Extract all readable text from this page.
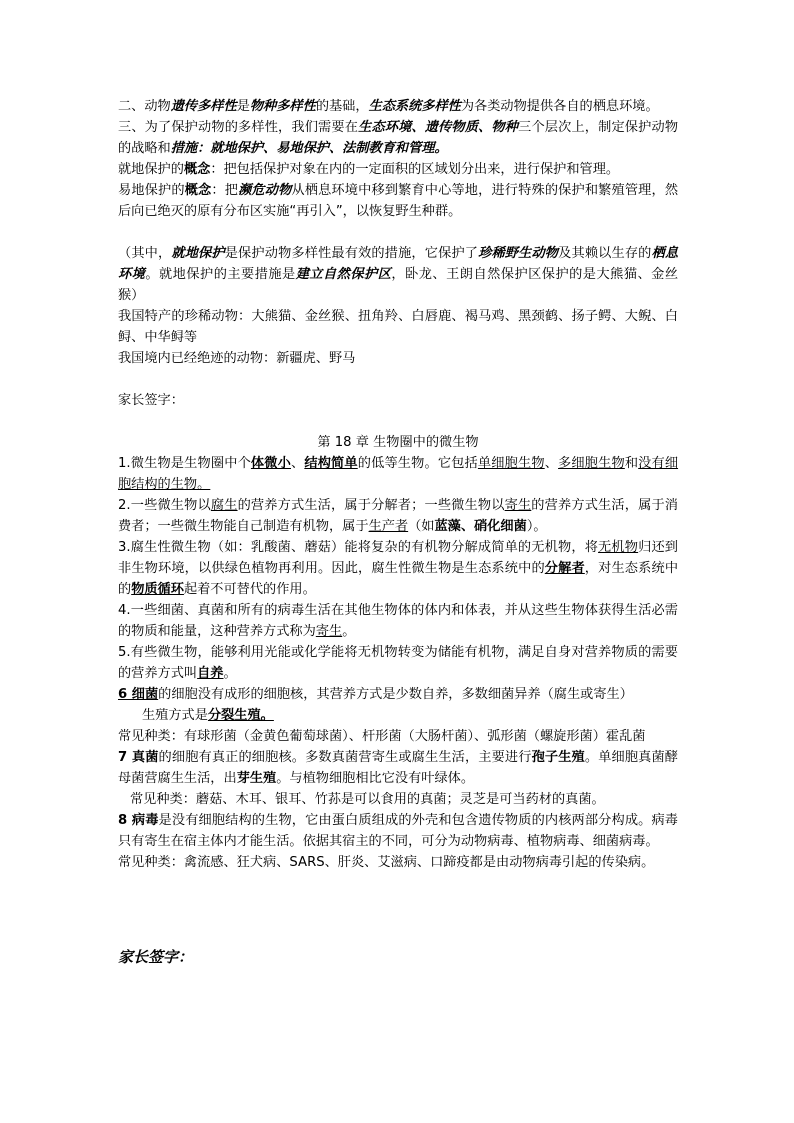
二、动物遗传多样性是物种多样性的基础，生态系统多样性为各类动物提供各自的栖息环境。

三、为了保护动物的多样性，我们需要在生态环境、遗传物质、物种三个层次上，制定保护动物的战略和措施：就地保护、易地保护、法制教育和管理。

就地保护的概念：把包括保护对象在内的一定面积的区域划分出来，进行保护和管理。

易地保护的概念：把濒危动物从栖息环境中移到繁育中心等地，进行特殊的保护和繁殖管理，然后向已绝灭的原有分布区实施“再引入”，以恢复野生种群。

（其中，就地保护是保护动物多样性最有效的措施，它保护了珍稀野生动物及其赖以生存的栖息环境。就地保护的主要措施是建立自然保护区，卧龙、王朗自然保护区保护的是大熊猫、金丝猴）

我国特产的珍稀动物：大熊猫、金丝猴、扭角羚、白唇鹿、褐马鸡、黑颈鹤、扬子鳄、大鲵、白鲟、中华鲟等

我国境内已经绝迹的动物：新疆虎、野马

家长签字：

第 18 章 生物圈中的微生物

1.微生物是生物圈中个体微小、结构简单的低等生物。它包括单细胞生物、多细胞生物和没有细胞结构的生物。

2.一些微生物以腐生的营养方式生活，属于分解者；一些微生物以寄生的营养方式生活，属于消费者；一些微生物能自己制造有机物，属于生产者（如蓝藻、硝化细菌）。

3.腐生性微生物（如：乳酸菌、蘑菇）能将复杂的有机物分解成简单的无机物，将无机物归还到非生物环境，以供绿色植物再利用。因此，腐生性微生物是生态系统中的分解者，对生态系统中的物质循环起着不可替代的作用。

4.一些细菌、真菌和所有的病毒生活在其他生物体的体内和体表，并从这些生物体获得生活必需的物质和能量，这种营养方式称为寄生。

5.有些微生物，能够利用光能或化学能将无机物转变为储能有机物，满足自身对营养物质的需要的营养方式叫自养。

6 细菌的细胞没有成形的细胞核，其营养方式是少数自养，多数细菌异养（腐生或寄生）

生殖方式是分裂生殖。

常见种类：有球形菌（金黄色葡萄球菌）、杆形菌（大肠杆菌）、弧形菌（螺旋形菌）霍乱菌

7 真菌的细胞有真正的细胞核。多数真菌营寄生或腐生生活，主要进行孢子生殖。单细胞真菌酵母菌营腐生生活，出芽生殖。与植物细胞相比它没有叶绿体。

常见种类：蘑菇、木耳、银耳、竹荪是可以食用的真菌；灵芝是可当药材的真菌。

8 病毒是没有细胞结构的生物，它由蛋白质组成的外壳和包含遗传物质的内核两部分构成。病毒只有寄生在宿主体内才能生活。依据其宿主的不同，可分为动物病毒、植物病毒、细菌病毒。

常见种类：禽流感、狂犬病、SARS、肝炎、艾滋病、口蹄疫都是由动物病毒引起的传染病。

家长签字：
